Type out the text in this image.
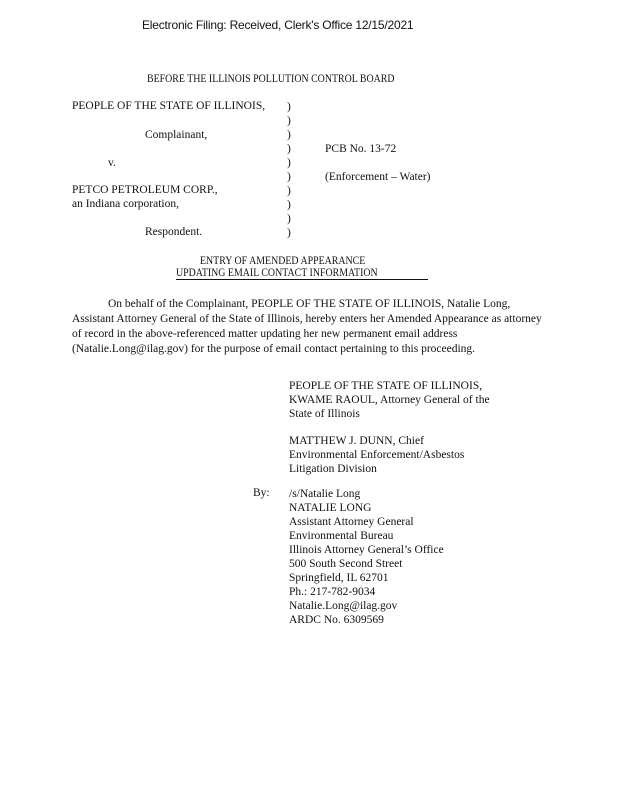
Electronic Filing: Received, Clerk's Office 12/15/2021
BEFORE THE ILLINOIS POLLUTION CONTROL BOARD
PEOPLE OF THE STATE OF ILLINOIS,
Complainant,
v.
PETCO PETROLEUM CORP.,
an Indiana corporation,
Respondent.
)
)
)
)
)
)
)
)
)
)
PCB No. 13-72
(Enforcement – Water)
ENTRY OF AMENDED APPEARANCE
UPDATING EMAIL CONTACT INFORMATION
On behalf of the Complainant, PEOPLE OF THE STATE OF ILLINOIS, Natalie Long, Assistant Attorney General of the State of Illinois, hereby enters her Amended Appearance as attorney of record in the above-referenced matter updating her new permanent email address (Natalie.Long@ilag.gov) for the purpose of email contact pertaining to this proceeding.
PEOPLE OF THE STATE OF ILLINOIS,
KWAME RAOUL, Attorney General of the
State of Illinois
MATTHEW J. DUNN, Chief
Environmental Enforcement/Asbestos
Litigation Division
By: /s/Natalie Long
NATALIE LONG
Assistant Attorney General
Environmental Bureau
Illinois Attorney General’s Office
500 South Second Street
Springfield, IL 62701
Ph.: 217-782-9034
Natalie.Long@ilag.gov
ARDC No. 6309569
